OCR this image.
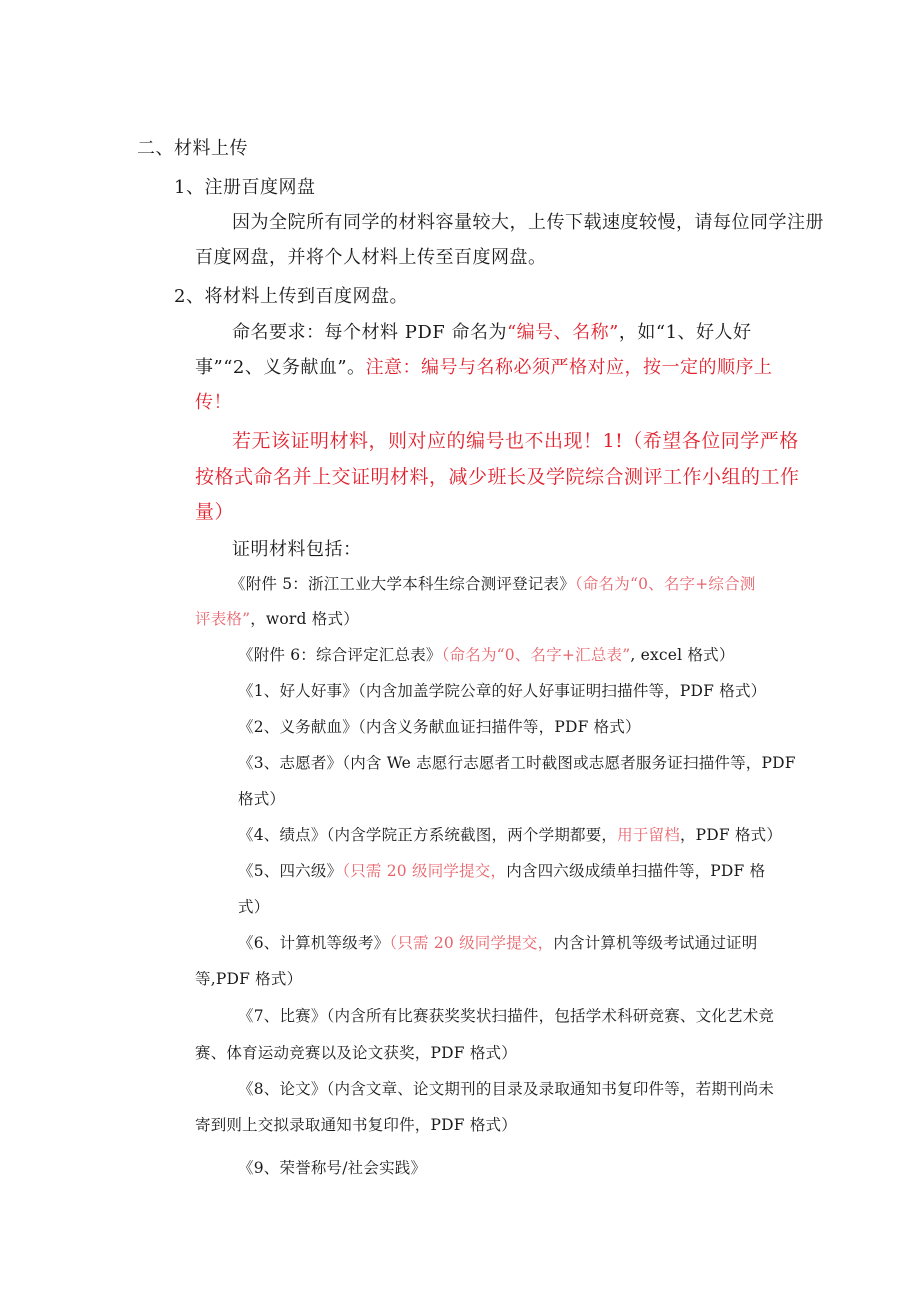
二、材料上传
1、注册百度网盘
因为全院所有同学的材料容量较大，上传下载速度较慢，请每位同学注册
百度网盘，并将个人材料上传至百度网盘。
2、将材料上传到百度网盘。
命名要求：每个材料 PDF 命名为“编号、名称”，如“1、好人好
事”“2、义务献血”。注意：编号与名称必须严格对应，按一定的顺序上
传！
若无该证明材料，则对应的编号也不出现！1!（希望各位同学严格
按格式命名并上交证明材料，减少班长及学院综合测评工作小组的工作
量）
证明材料包括：
《附件 5：浙江工业大学本科生综合测评登记表》（命名为“0、名字+综合测
评表格”，word 格式）
《附件 6：综合评定汇总表》（命名为“0、名字+汇总表”, excel 格式）
《1、好人好事》（内含加盖学院公章的好人好事证明扫描件等，PDF 格式）
《2、义务献血》（内含义务献血证扫描件等，PDF 格式）
《3、志愿者》（内含 We 志愿行志愿者工时截图或志愿者服务证扫描件等，PDF
格式）
《4、绩点》（内含学院正方系统截图，两个学期都要，用于留档，PDF 格式）
《5、四六级》（只需 20 级同学提交，内含四六级成绩单扫描件等，PDF 格
式）
《6、计算机等级考》（只需 20 级同学提交，内含计算机等级考试通过证明
等,PDF 格式）
《7、比赛》（内含所有比赛获奖奖状扫描件，包括学术科研竞赛、文化艺术竞
赛、体育运动竞赛以及论文获奖，PDF 格式）
《8、论文》（内含文章、论文期刊的目录及录取通知书复印件等，若期刊尚未
寄到则上交拟录取通知书复印件，PDF 格式）
《9、荣誉称号/社会实践》
